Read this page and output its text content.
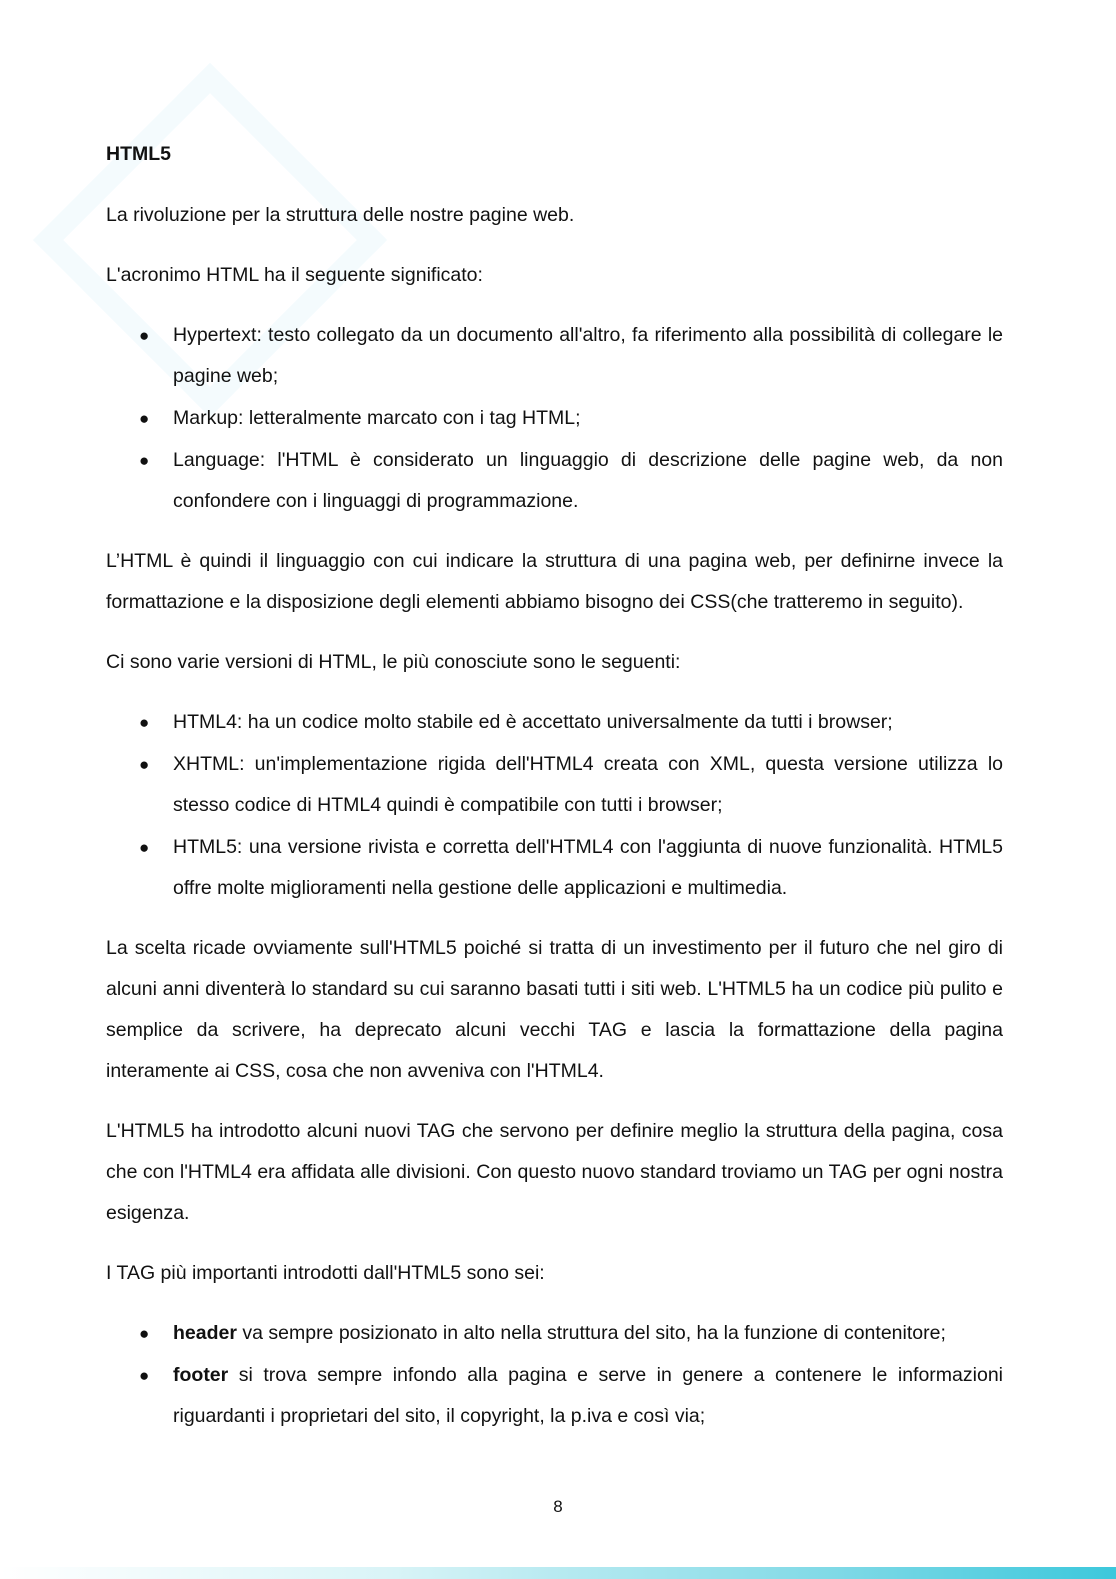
HTML5

La rivoluzione per la struttura delle nostre pagine web.

L'acronimo HTML ha il seguente significato:

● Hypertext: testo collegato da un documento all'altro, fa riferimento alla possibilità di collegare le pagine web;
● Markup: letteralmente marcato con i tag HTML;
● Language: l'HTML è considerato un linguaggio di descrizione delle pagine web, da non confondere con i linguaggi di programmazione.

L’HTML è quindi il linguaggio con cui indicare la struttura di una pagina web, per definirne invece la formattazione e la disposizione degli elementi abbiamo bisogno dei CSS(che tratteremo in seguito).

Ci sono varie versioni di HTML, le più conosciute sono le seguenti:

● HTML4: ha un codice molto stabile ed è accettato universalmente da tutti i browser;
● XHTML: un'implementazione rigida dell'HTML4 creata con XML, questa versione utilizza lo stesso codice di HTML4 quindi è compatibile con tutti i browser;
● HTML5: una versione rivista e corretta dell'HTML4 con l'aggiunta di nuove funzionalità. HTML5 offre molte miglioramenti nella gestione delle applicazioni e multimedia.

La scelta ricade ovviamente sull'HTML5 poiché si tratta di un investimento per il futuro che nel giro di alcuni anni diventerà lo standard su cui saranno basati tutti i siti web. L'HTML5 ha un codice più pulito e semplice da scrivere, ha deprecato alcuni vecchi TAG e lascia la formattazione della pagina interamente ai CSS, cosa che non avveniva con l'HTML4.

L'HTML5 ha introdotto alcuni nuovi TAG che servono per definire meglio la struttura della pagina, cosa che con l'HTML4 era affidata alle divisioni. Con questo nuovo standard troviamo un TAG per ogni nostra esigenza.

I TAG più importanti introdotti dall'HTML5 sono sei:

● header va sempre posizionato in alto nella struttura del sito, ha la funzione di contenitore;
● footer si trova sempre infondo alla pagina e serve in genere a contenere le informazioni riguardanti i proprietari del sito, il copyright, la p.iva e così via;
8
